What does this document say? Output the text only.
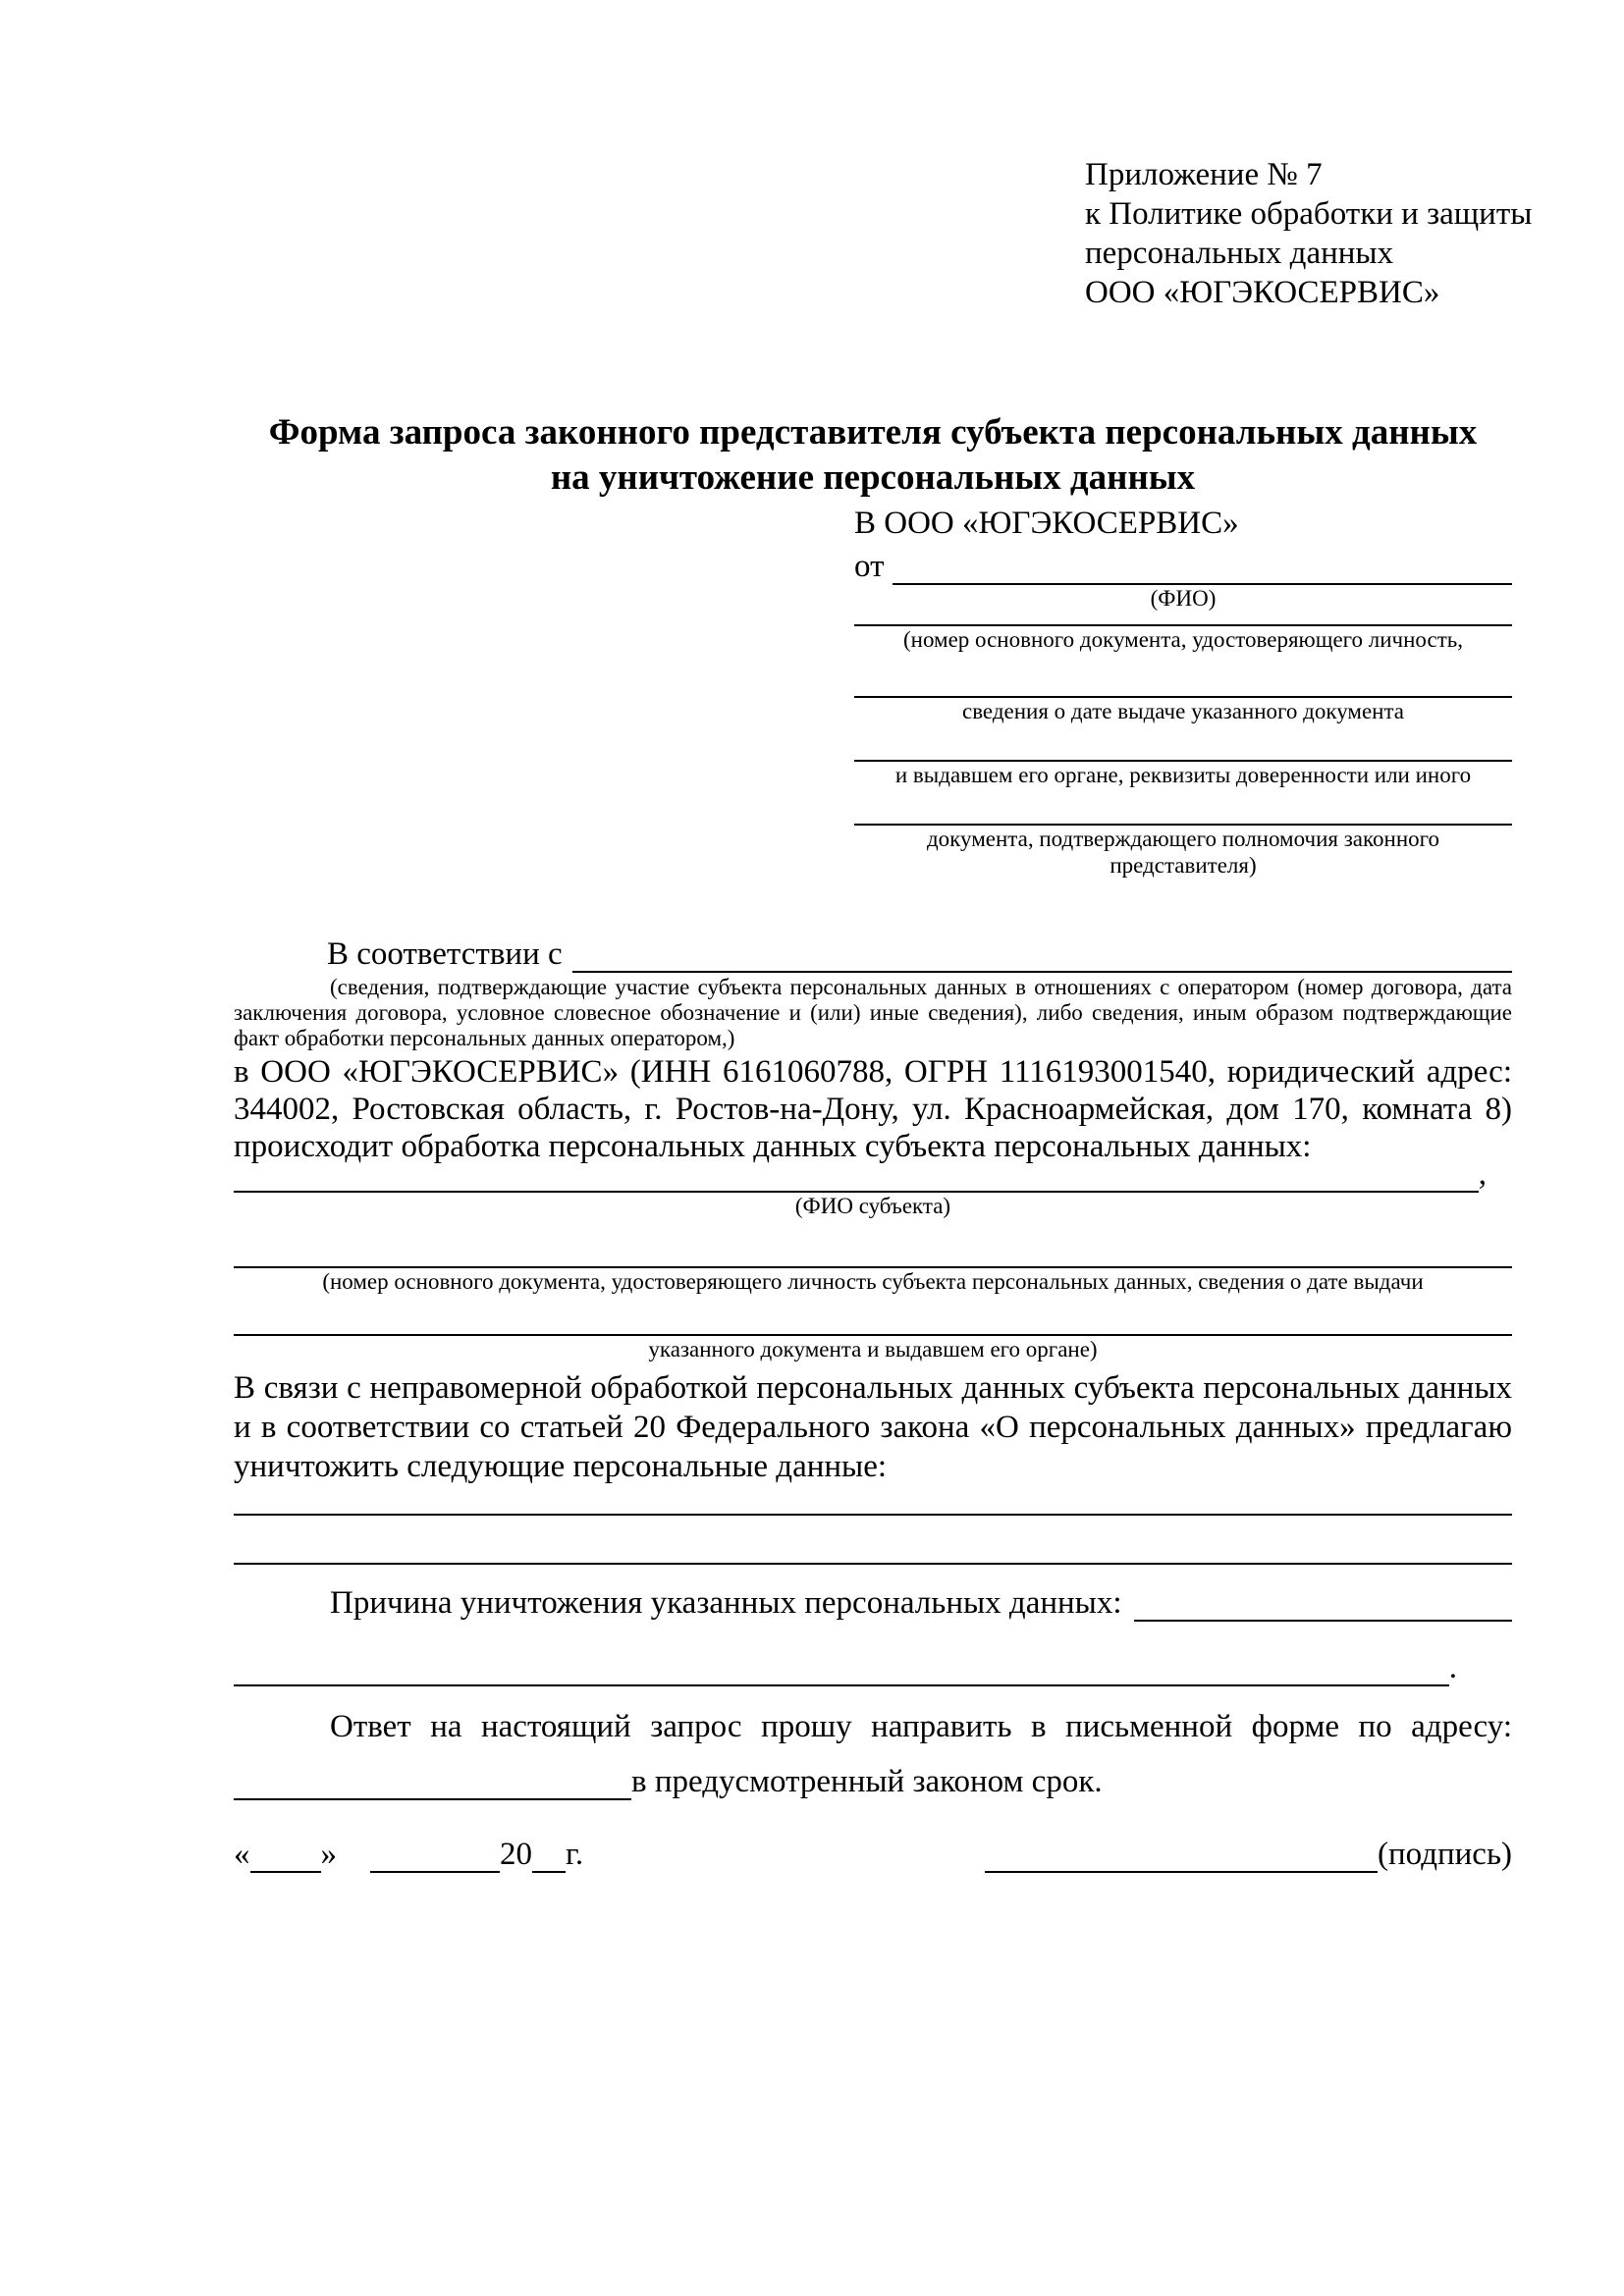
Приложение № 7
к Политике обработки и защиты
персональных данных
ООО «ЮГЭКОСЕРВИС»
Форма запроса законного представителя субъекта персональных данных
на уничтожение персональных данных
В ООО «ЮГЭКОСЕРВИС»
от
(ФИО)
(номер основного документа, удостоверяющего личность,
сведения о дате выдаче указанного документа
и выдавшем его органе, реквизиты доверенности или иного
документа, подтверждающего полномочия законного представителя)
В соответствии с
(сведения, подтверждающие участие субъекта персональных данных в отношениях с оператором (номер договора, дата заключения договора, условное словесное обозначение и (или) иные сведения), либо сведения, иным образом подтверждающие факт обработки персональных данных оператором,)
в ООО «ЮГЭКОСЕРВИС» (ИНН 6161060788, ОГРН 1116193001540, юридический адрес: 344002, Ростовская область, г. Ростов-на-Дону, ул. Красноармейская, дом 170, комната 8) происходит обработка персональных данных субъекта персональных данных:
,
(ФИО субъекта)
(номер основного документа, удостоверяющего личность субъекта персональных данных, сведения о дате выдачи
указанного документа и выдавшем его органе)
В связи с неправомерной обработкой персональных данных субъекта персональных данных и в соответствии со статьей 20 Федерального закона «О персональных данных» предлагаю уничтожить следующие персональные данные:
Причина уничтожения указанных персональных данных:
.
Ответ на настоящий запрос прошу направить в письменной форме по адресу:
в предусмотренный законом срок.
« »	20 г.	(подпись)
